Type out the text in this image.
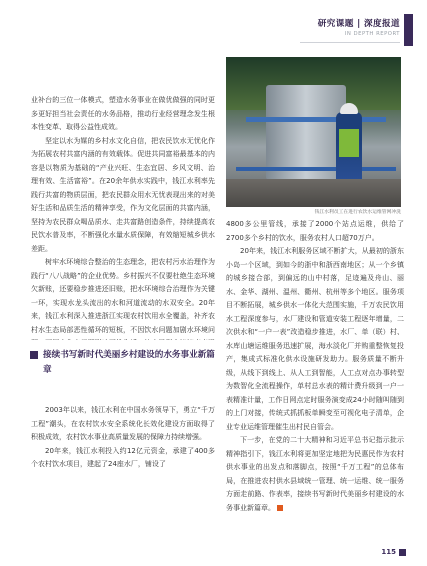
研究课题 | 深度报道
IN DEPTH REPORT

业补台的三位一体模式，塑造水务事业在做优做强的同时更多更好担当社会责任的水务品格，推动行业经营理念发生根本性变革、取得公益性成效。

坚定以水为媒的乡村水文化自信，把农民饮水无忧化作为拓展农村共富内涵的有效载体。促进共同富裕最基本的内容是以物质为基础的“产业兴旺、生态宜居、乡风文明、治理有效、生活富裕”。在20余年供水实践中，钱江水利率先践行共富的物质层面，把农民群众用水无忧表现出来的对美好生活和品质生活的精神享受，作为文化层面的共富内涵，坚持为农民群众喝品质水、走共富路创造条件，持续提高农民饮水普及率，不断强化水量水质保障，有效缩短城乡供水差距。

树牢水环境综合整治的生态理念，把农村污水治理作为践行“八八战略”的企业优势。乡村振兴不仅要杜绝生态环境欠新账，还要稳步推进还旧账，把水环境综合治理作为关键一环，实现水龙头流出的水和河道流动的水双安全。20年来，钱江水利深入推进浙江实现农村饮用水全覆盖，补齐农村水生态局部恶性循环的短板，不因饮水问题加剧水环境问

接续书写新时代美丽乡村建设的水务事业新篇章

2003年以来，钱江水利在中国水务领导下，勇立“千万工程”潮头，在农村饮水安全系统化长效化建设方面取得了积极成效，农村饮水事业高质量发展的保障力持续增强。

20年来，钱江水利投入约12亿元资金，承建了400多个农村饮水项目，建起了24座水厂，铺设了

钱江水利员工在进行农饮水运维管网冲洗

4800多公里管线，承接了2000个站点运维，供给了2700多个乡村的饮水，服务农村人口超70万户。

20年来，钱江水利服务区域不断扩大，从最初的浙东小岛一个区域，到如今的浙中和浙西南地区；从一个乡镇的城乡接合部，到偏远的山中村落，足迹遍及舟山、丽水、金华、湖州、温州、衢州、杭州等多个地区。服务项目不断拓展，城乡供水一体化大范围实施，千万农民饮用水工程深度参与，水厂建设和管道安装工程逐年增量，二次供水和“一户一表”改造稳步推进，水厂、单（联）村、水库山塘运维服务迅速扩展，海水淡化厂并购重整恢复投产，集成式标准化供水设施研发助力。服务质量不断升级，从线下到线上、从人工到智能，人工点对点办事转型为数智化全流程操作，单村总水表的精计费升级到一户一表精准计量，工作日网点定时服务演变成24小时随叫随到的上门对接，传统式抓抓板单瞬变至可视化电子清单，企业专业运维管理催生出村民自管会。

下一步，在党的二十大精神和习近平总书记指示批示精神指引下，钱江水利将更加坚定地把为民惠民作为农村供水事业的出发点和落脚点，按照“千万工程”的总体布局，在推进农村供水县域统一管理、统一运维、统一服务方面走前路、作表率，接续书写新时代美丽乡村建设的水务事业新篇章。

115
